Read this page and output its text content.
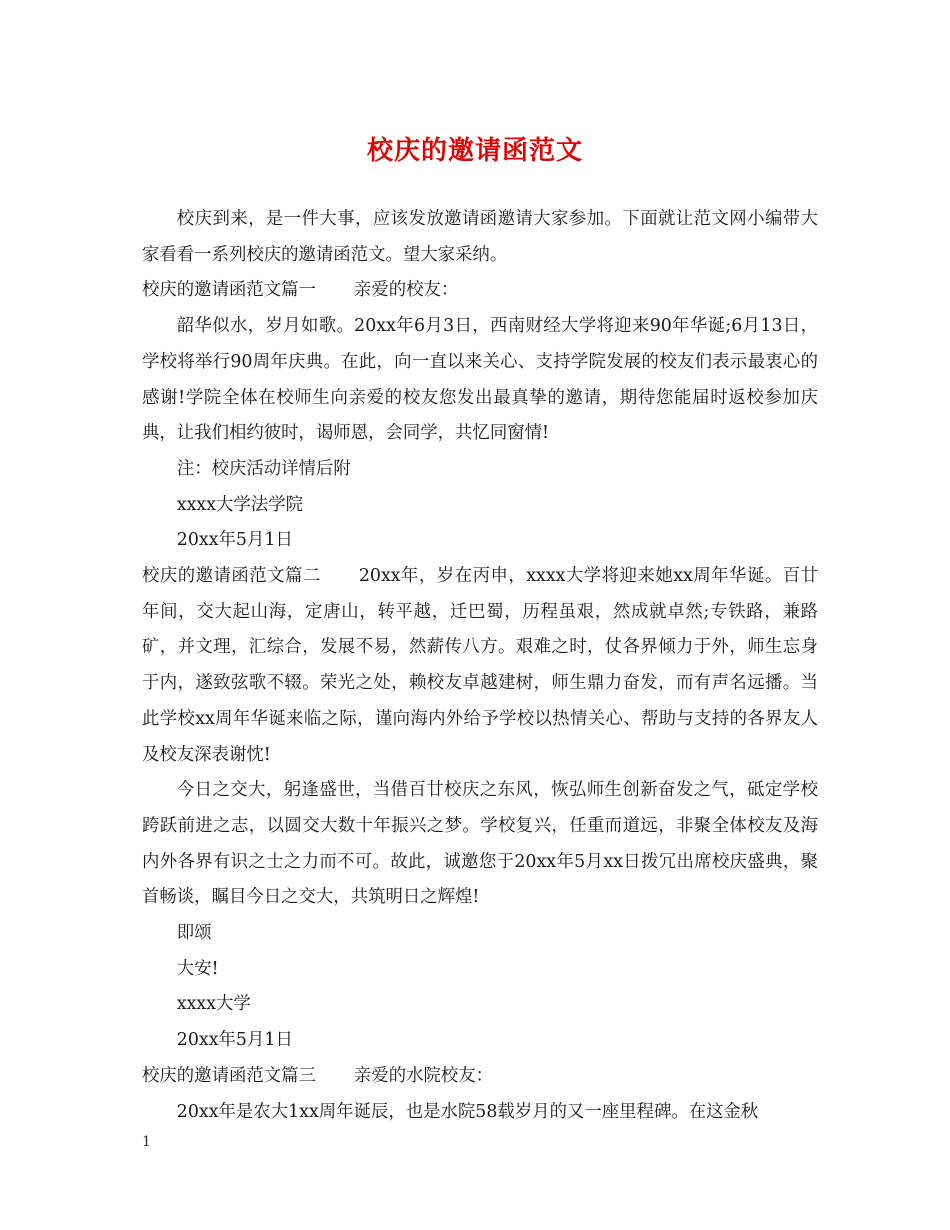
校庆的邀请函范文

校庆到来，是一件大事，应该发放邀请函邀请大家参加。下面就让范文网小编带大家看看一系列校庆的邀请函范文。望大家采纳。

校庆的邀请函范文篇一 亲爱的校友：

韶华似水，岁月如歌。20xx年6月3日，西南财经大学将迎来90年华诞;6月13日，学校将举行90周年庆典。在此，向一直以来关心、支持学院发展的校友们表示最衷心的感谢!学院全体在校师生向亲爱的校友您发出最真挚的邀请，期待您能届时返校参加庆典，让我们相约彼时，谒师恩，会同学，共忆同窗情!

注：校庆活动详情后附

xxxx大学法学院

20xx年5月1日

校庆的邀请函范文篇二 20xx年，岁在丙申，xxxx大学将迎来她xx周年华诞。百廿年间，交大起山海，定唐山，转平越，迁巴蜀，历程虽艰，然成就卓然;专铁路，兼路矿，并文理，汇综合，发展不易，然薪传八方。艰难之时，仗各界倾力于外，师生忘身于内，遂致弦歌不辍。荣光之处，赖校友卓越建树，师生鼎力奋发，而有声名远播。当此学校xx周年华诞来临之际，谨向海内外给予学校以热情关心、帮助与支持的各界友人及校友深表谢忱!

今日之交大，躬逢盛世，当借百廿校庆之东风，恢弘师生创新奋发之气，砥定学校跨跃前进之志，以圆交大数十年振兴之梦。学校复兴，任重而道远，非聚全体校友及海内外各界有识之士之力而不可。故此，诚邀您于20xx年5月xx日拨冗出席校庆盛典，聚首畅谈，瞩目今日之交大，共筑明日之辉煌!

即颂

大安!

xxxx大学

20xx年5月1日

校庆的邀请函范文篇三 亲爱的水院校友：

20xx年是农大1xx周年诞辰，也是水院58载岁月的又一座里程碑。在这金秋

1
